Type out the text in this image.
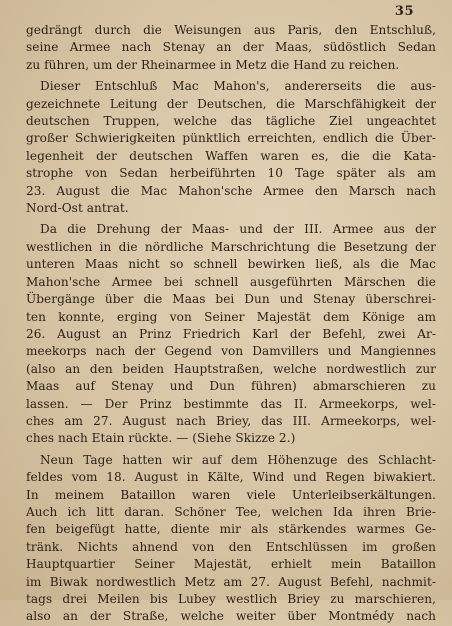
35
gedrängt durch die Weisungen aus Paris, den Entschluß,
seine Armee nach Stenay an der Maas, südöstlich Sedan
zu führen, um der Rheinarmee in Metz die Hand zu reichen.
Dieser Entschluß Mac Mahon's, andererseits die aus-
gezeichnete Leitung der Deutschen, die Marschfähigkeit der
deutschen Truppen, welche das tägliche Ziel ungeachtet
großer Schwierigkeiten pünktlich erreichten, endlich die Über-
legenheit der deutschen Waffen waren es, die die Kata-
strophe von Sedan herbeiführten 10 Tage später als am
23. August die Mac Mahon'sche Armee den Marsch nach
Nord-Ost antrat.
Da die Drehung der Maas- und der III. Armee aus der
westlichen in die nördliche Marschrichtung die Besetzung der
unteren Maas nicht so schnell bewirken ließ, als die Mac
Mahon'sche Armee bei schnell ausgeführten Märschen die
Übergänge über die Maas bei Dun und Stenay überschrei-
ten konnte, erging von Seiner Majestät dem Könige am
26. August an Prinz Friedrich Karl der Befehl, zwei Ar-
meekorps nach der Gegend von Damvillers und Mangiennes
(also an den beiden Hauptstraßen, welche nordwestlich zur
Maas auf Stenay und Dun führen) abmarschieren zu
lassen. — Der Prinz bestimmte das II. Armeekorps, wel-
ches am 27. August nach Briey, das III. Armeekorps, wel-
ches nach Etain rückte. — (Siehe Skizze 2.)
Neun Tage hatten wir auf dem Höhenzuge des Schlacht-
feldes vom 18. August in Kälte, Wind und Regen biwakiert.
In meinem Bataillon waren viele Unterleibserkältungen.
Auch ich litt daran. Schöner Tee, welchen Ida ihren Brie-
fen beigefügt hatte, diente mir als stärkendes warmes Ge-
tränk. Nichts ahnend von den Entschlüssen im großen
Hauptquartier Seiner Majestät, erhielt mein Bataillon
im Biwak nordwestlich Metz am 27. August Befehl, nachmit-
tags drei Meilen bis Lubey westlich Briey zu marschieren,
also an der Straße, welche weiter über Montmédy nach
